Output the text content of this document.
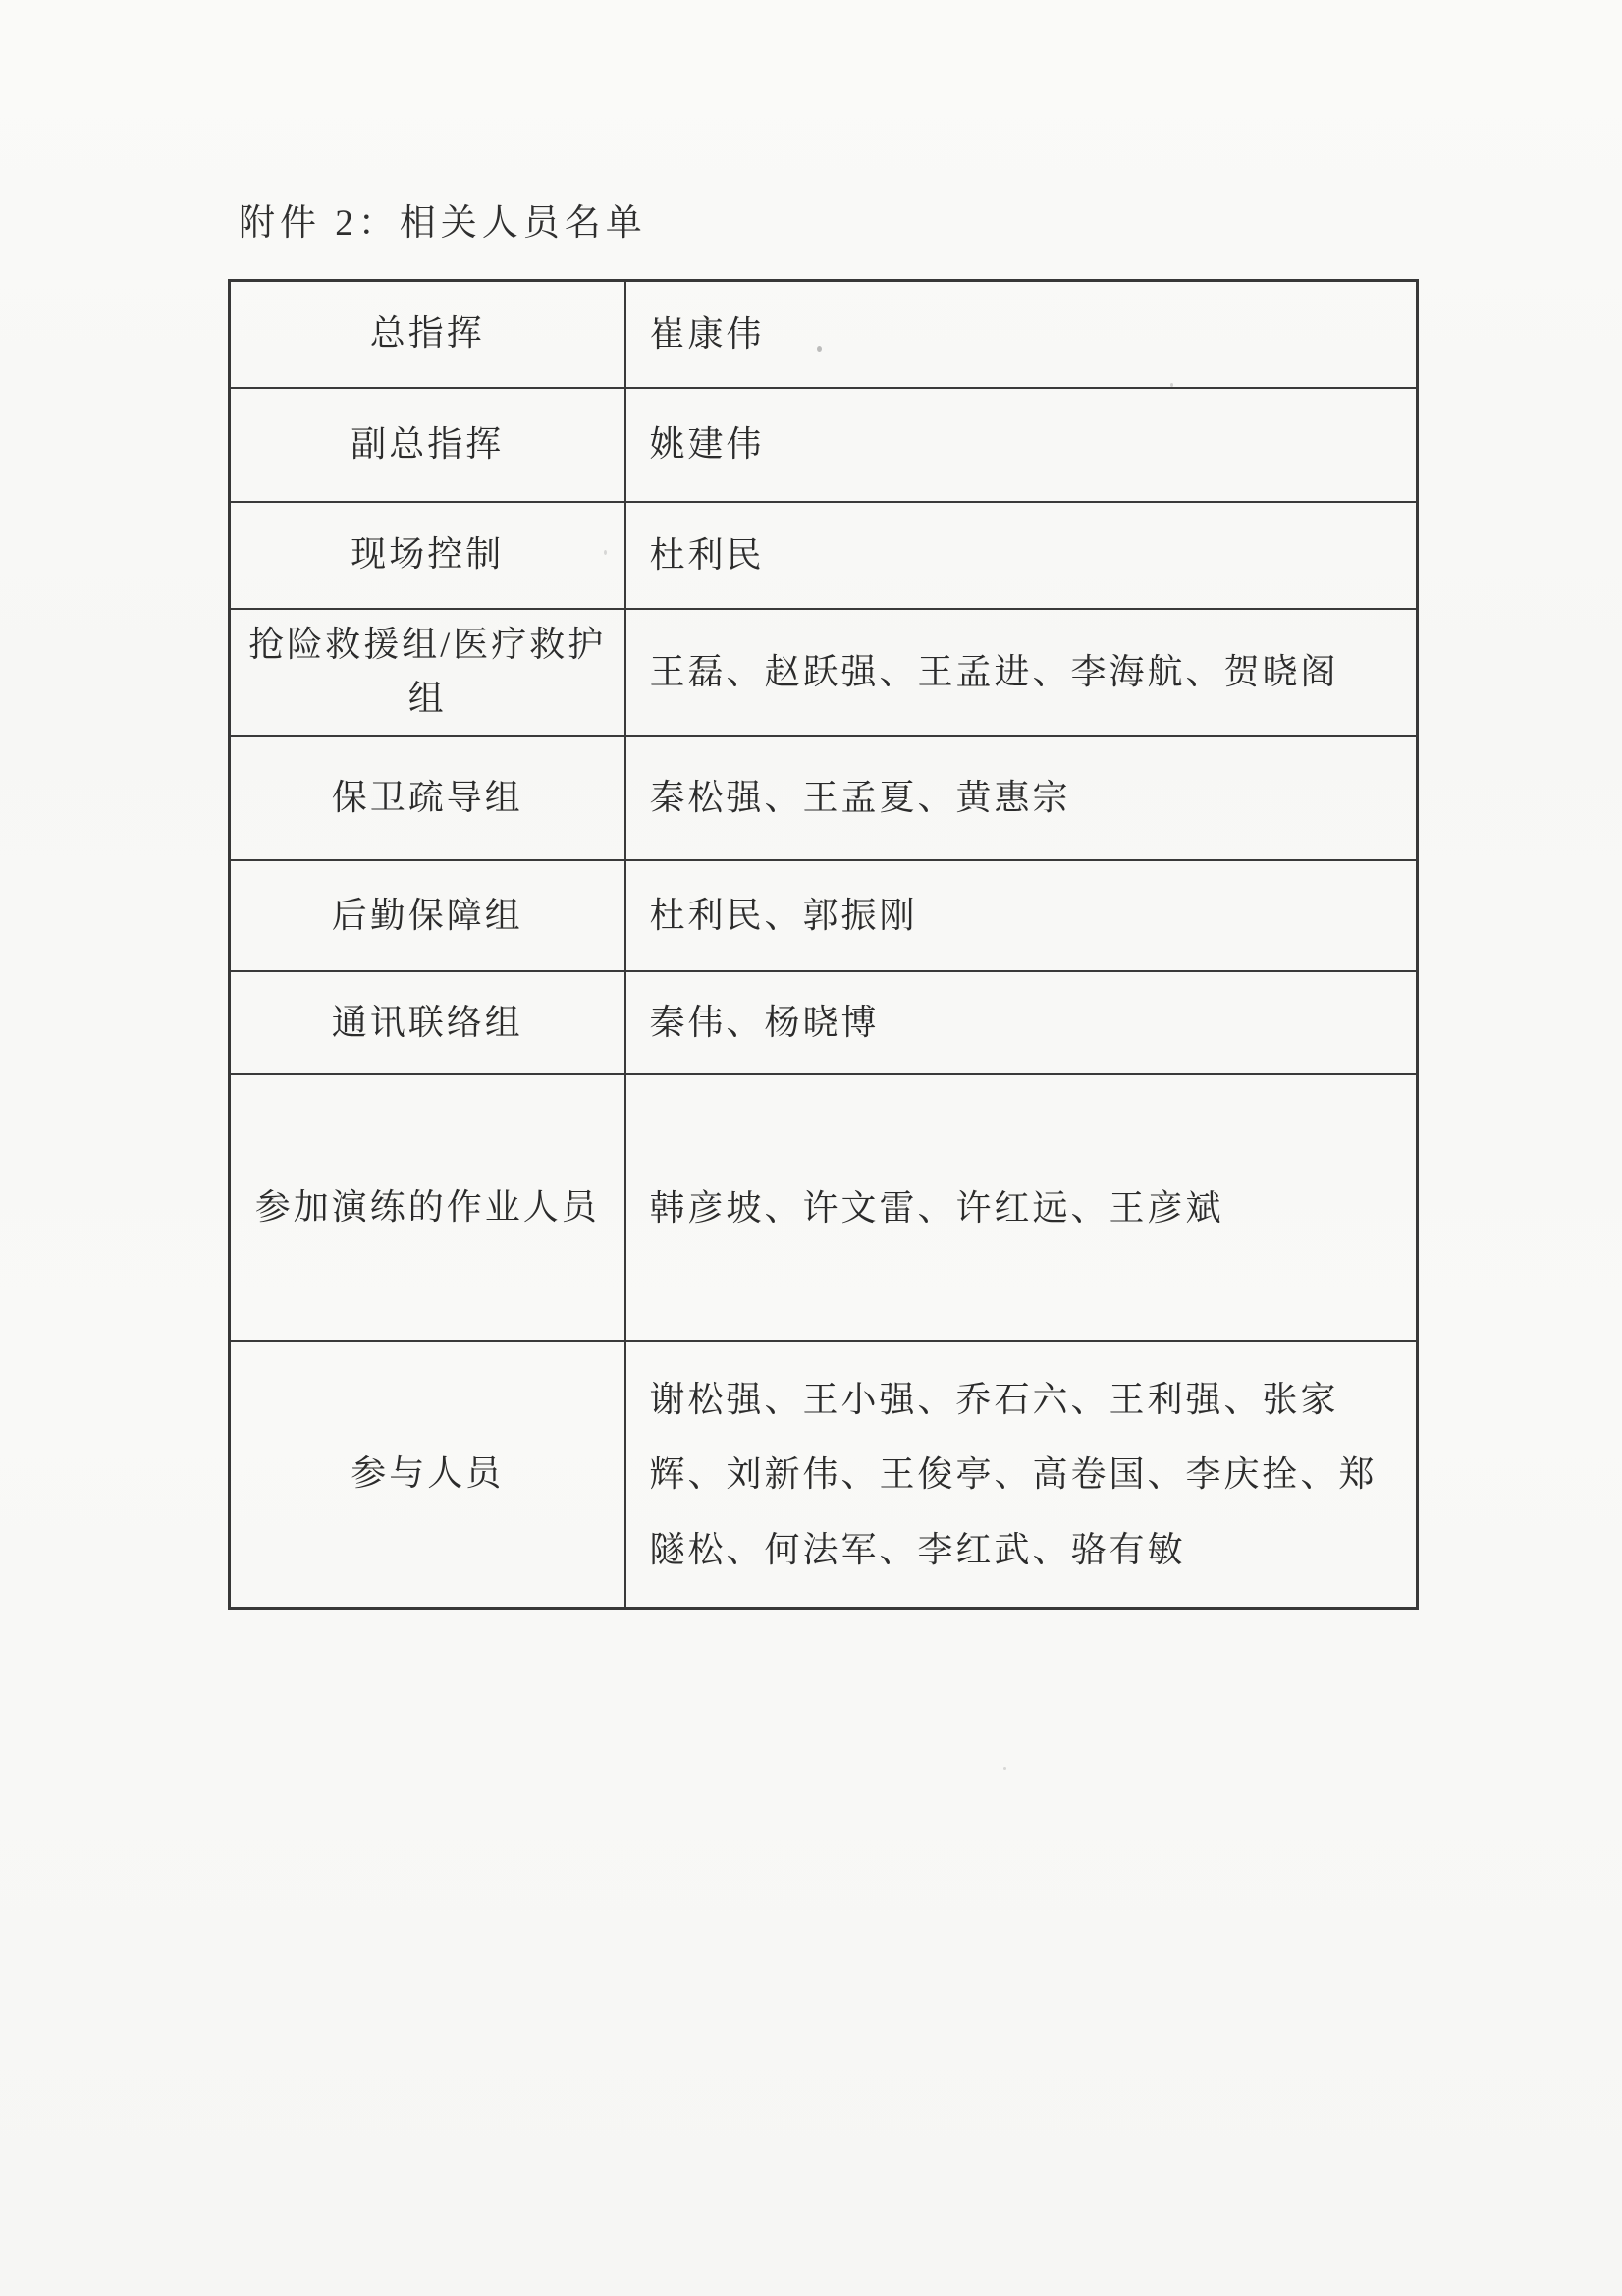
附件 2：相关人员名单
总指挥	崔康伟
副总指挥	姚建伟
现场控制	杜利民
抢险救援组/医疗救护组	王磊、赵跃强、王孟进、李海航、贺晓阁
保卫疏导组	秦松强、王孟夏、黄惠宗
后勤保障组	杜利民、郭振刚
通讯联络组	秦伟、杨晓博
参加演练的作业人员	韩彦坡、许文雷、许红远、王彦斌
参与人员	谢松强、王小强、乔石六、王利强、张家辉、刘新伟、王俊亭、高卷国、李庆拴、郑隧松、何法军、李红武、骆有敏
